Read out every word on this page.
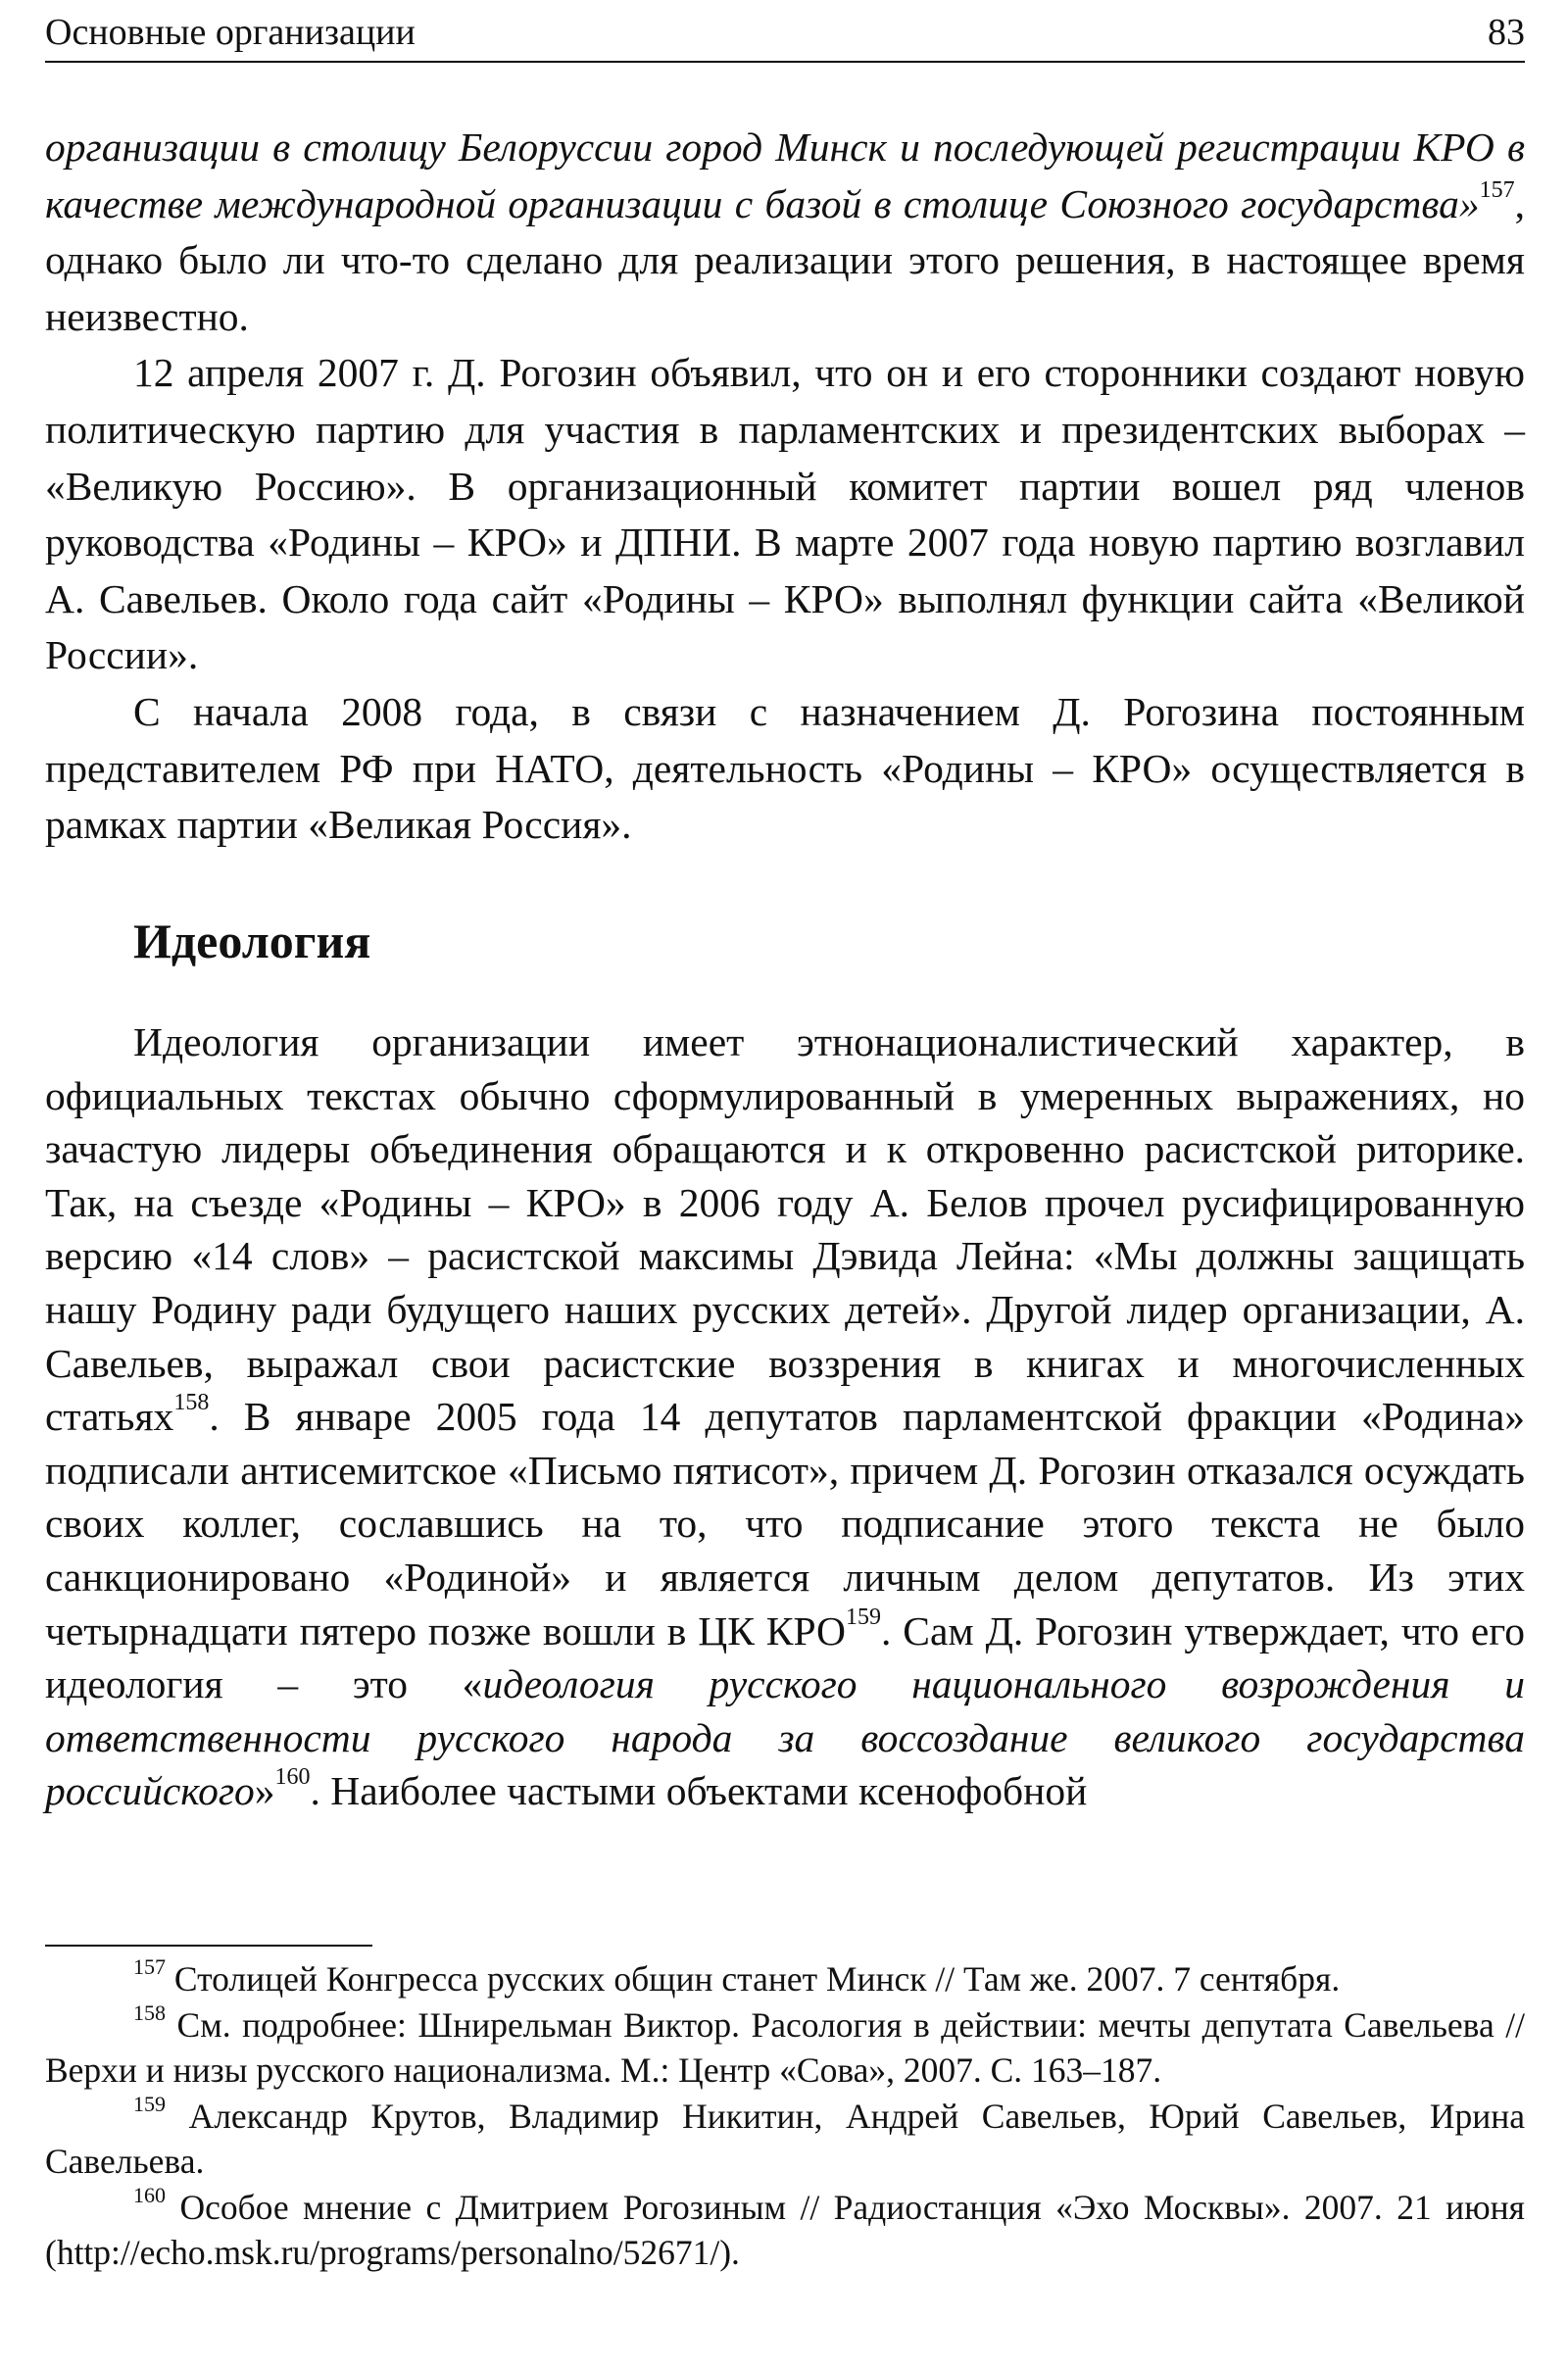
Основные организации	83

организации в столицу Белоруссии город Минск и последующей регистрации КРО в качестве международной организации с базой в столице Союзного государства»$^{157}$, однако было ли что-то сделано для реализации этого решения, в настоящее время неизвестно.

12 апреля 2007 г. Д. Рогозин объявил, что он и его сторонники создают новую политическую партию для участия в парламентских и президентских выборах – «Великую Россию». В организационный комитет партии вошел ряд членов руководства «Родины – КРО» и ДПНИ. В марте 2007 года новую партию возглавил А. Савельев. Около года сайт «Родины – КРО» выполнял функции сайта «Великой России».

С начала 2008 года, в связи с назначением Д. Рогозина постоянным представителем РФ при НАТО, деятельность «Родины – КРО» осуществляется в рамках партии «Великая Россия».

Идеология

Идеология организации имеет этнонационалистический характер, в официальных текстах обычно сформулированный в умеренных выражениях, но зачастую лидеры объединения обращаются и к откровенно расистской риторике. Так, на съезде «Родины – КРО» в 2006 году А. Белов прочел русифицированную версию «14 слов» – расистской максимы Дэвида Лейна: «Мы должны защищать нашу Родину ради будущего наших русских детей». Другой лидер организации, А. Савельев, выражал свои расистские воззрения в книгах и многочисленных статьях$^{158}$. В январе 2005 года 14 депутатов парламентской фракции «Родина» подписали антисемитское «Письмо пятисот», причем Д. Рогозин отказался осуждать своих коллег, сославшись на то, что подписание этого текста не было санкционировано «Родиной» и является личным делом депутатов. Из этих четырнадцати пятеро позже вошли в ЦК КРО$^{159}$. Сам Д. Рогозин утверждает, что его идеология – это «идеология русского национального возрождения и ответственности русского народа за воссоздание великого государства российского»$^{160}$. Наиболее частыми объектами ксенофобной

$^{157}$ Столицей Конгресса русских общин станет Минск // Там же. 2007. 7 сентября.

$^{158}$ См. подробнее: Шнирельман Виктор. Расология в действии: мечты депутата Савельева // Верхи и низы русского национализма. М.: Центр «Сова», 2007. С. 163–187.

$^{159}$ Александр Крутов, Владимир Никитин, Андрей Савельев, Юрий Савельев, Ирина Савельева.

$^{160}$ Особое мнение с Дмитрием Рогозиным // Радиостанция «Эхо Москвы». 2007. 21 июня (http://echo.msk.ru/programs/personalno/52671/).
